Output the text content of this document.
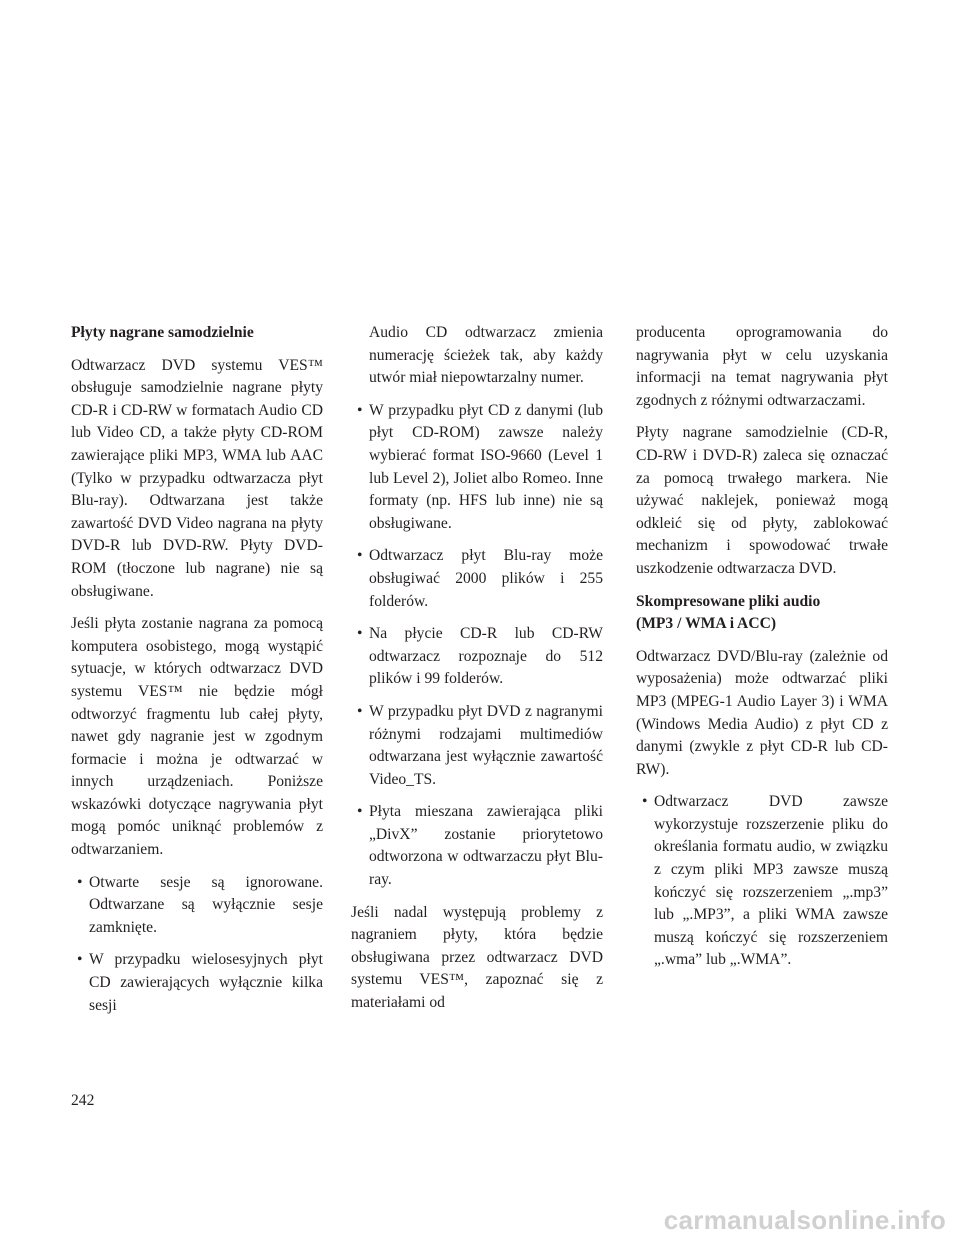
Płyty nagrane samodzielnie

Odtwarzacz DVD systemu VES™ obsługuje samodzielnie nagrane płyty CD-R i CD-RW w formatach Audio CD lub Video CD, a także płyty CD-ROM zawierające pliki MP3, WMA lub AAC (Tylko w przypadku odtwarzacza płyt Blu-ray). Odtwarzana jest także zawartość DVD Video nagrana na płyty DVD-R lub DVD-RW. Płyty DVD-ROM (tłoczone lub nagrane) nie są obsługiwane.

Jeśli płyta zostanie nagrana za pomocą komputera osobistego, mogą wystąpić sytuacje, w których odtwarzacz DVD systemu VES™ nie będzie mógł odtworzyć fragmentu lub całej płyty, nawet gdy nagranie jest w zgodnym formacie i można je odtwarzać w innych urządzeniach. Poniższe wskazówki dotyczące nagrywania płyt mogą pomóc uniknąć problemów z odtwarzaniem.

• Otwarte sesje są ignorowane. Odtwarzane są wyłącznie sesje zamknięte.

• W przypadku wielosesyjnych płyt CD zawierających wyłącznie kilka sesji

Audio CD odtwarzacz zmienia numerację ścieżek tak, aby każdy utwór miał niepowtarzalny numer.

• W przypadku płyt CD z danymi (lub płyt CD-ROM) zawsze należy wybierać format ISO-9660 (Level 1 lub Level 2), Joliet albo Romeo. Inne formaty (np. HFS lub inne) nie są obsługiwane.

• Odtwarzacz płyt Blu-ray może obsługiwać 2000 plików i 255 folderów.

• Na płycie CD-R lub CD-RW odtwarzacz rozpoznaje do 512 plików i 99 folderów.

• W przypadku płyt DVD z nagranymi różnymi rodzajami multimediów odtwarzana jest wyłącznie zawartość Video_TS.

• Płyta mieszana zawierająca pliki „DivX” zostanie priorytetowo odtworzona w odtwarzaczu płyt Blu-ray.

Jeśli nadal występują problemy z nagraniem płyty, która będzie obsługiwana przez odtwarzacz DVD systemu VES™, zapoznać się z materiałami od

producenta oprogramowania do nagrywania płyt w celu uzyskania informacji na temat nagrywania płyt zgodnych z różnymi odtwarzaczami.

Płyty nagrane samodzielnie (CD-R, CD-RW i DVD-R) zaleca się oznaczać za pomocą trwałego markera. Nie używać naklejek, ponieważ mogą odkleić się od płyty, zablokować mechanizm i spowodować trwałe uszkodzenie odtwarzacza DVD.

Skompresowane pliki audio
(MP3 / WMA i ACC)

Odtwarzacz DVD/Blu-ray (zależnie od wyposażenia) może odtwarzać pliki MP3 (MPEG-1 Audio Layer 3) i WMA (Windows Media Audio) z płyt CD z danymi (zwykle z płyt CD-R lub CD-RW).

• Odtwarzacz DVD zawsze wykorzystuje rozszerzenie pliku do określania formatu audio, w związku z czym pliki MP3 zawsze muszą kończyć się rozszerzeniem „.mp3” lub „.MP3”, a pliki WMA zawsze muszą kończyć się rozszerzeniem „.wma” lub „.WMA”.

242
carmanualsonline.info
